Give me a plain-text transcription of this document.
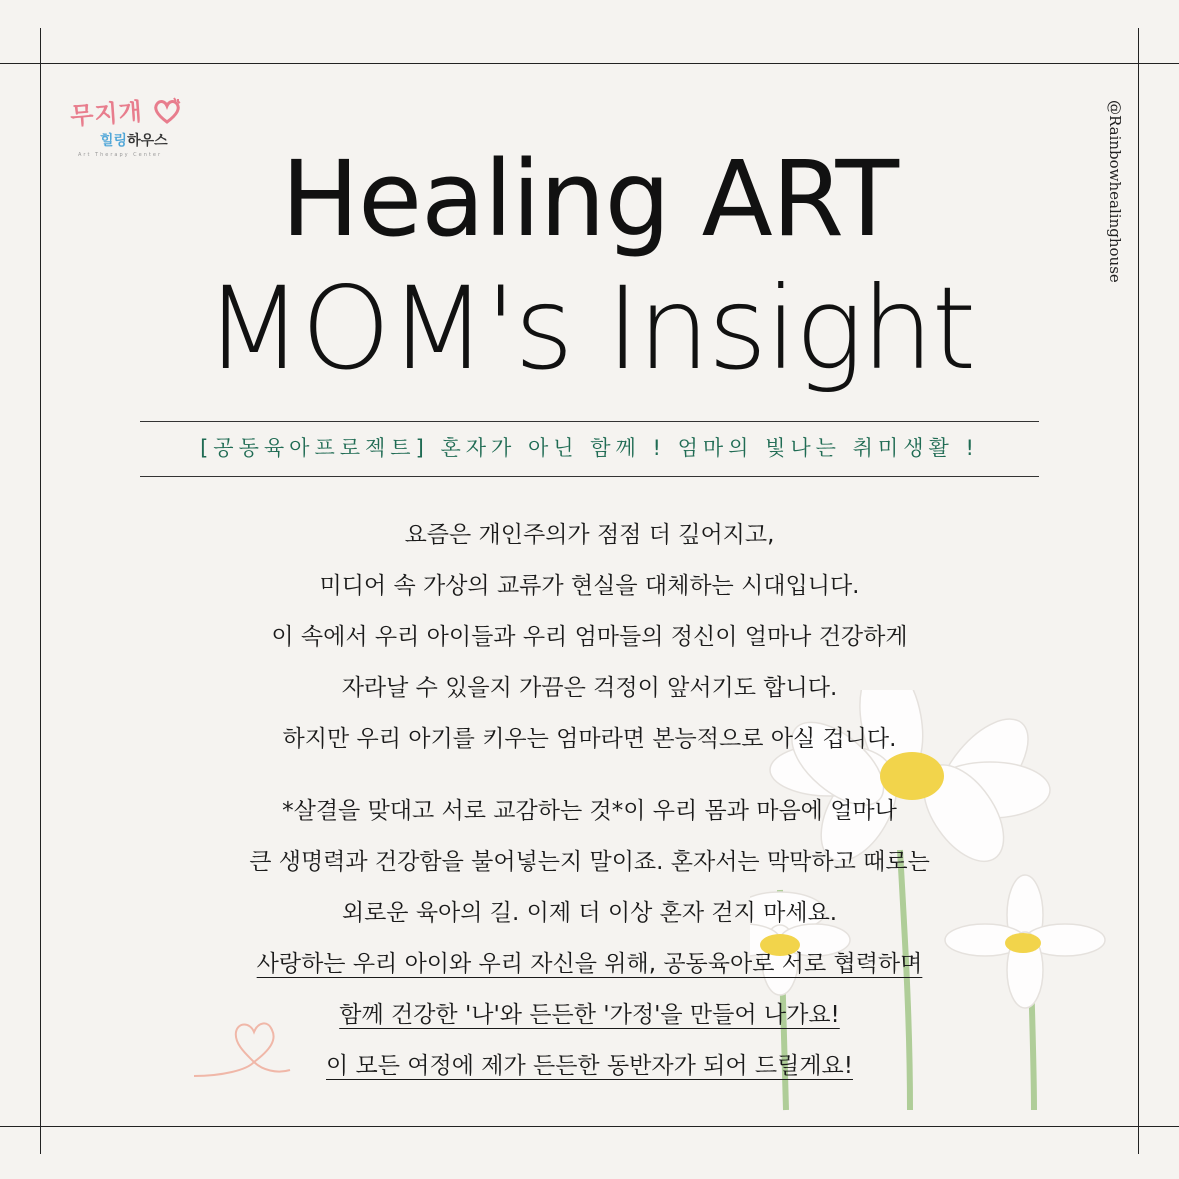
무지개
힐링하우스
Art Therapy Center	@Rainbowhealinghouse
Healing ART
MOM's Insight
[공동육아프로젝트] 혼자가 아닌 함께 ! 엄마의 빛나는 취미생활 !
요즘은 개인주의가 점점 더 깊어지고,
미디어 속 가상의 교류가 현실을 대체하는 시대입니다.
이 속에서 우리 아이들과 우리 엄마들의 정신이 얼마나 건강하게
자라날 수 있을지 가끔은 걱정이 앞서기도 합니다.
하지만 우리 아기를 키우는 엄마라면 본능적으로 아실 겁니다.
*살결을 맞대고 서로 교감하는 것*이 우리 몸과 마음에 얼마나
큰 생명력과 건강함을 불어넣는지 말이죠. 혼자서는 막막하고 때로는
외로운 육아의 길. 이제 더 이상 혼자 걷지 마세요.
사랑하는 우리 아이와 우리 자신을 위해, 공동육아로 서로 협력하며
함께 건강한 '나'와 든든한 '가정'을 만들어 나가요!
이 모든 여정에 제가 든든한 동반자가 되어 드릴게요!
